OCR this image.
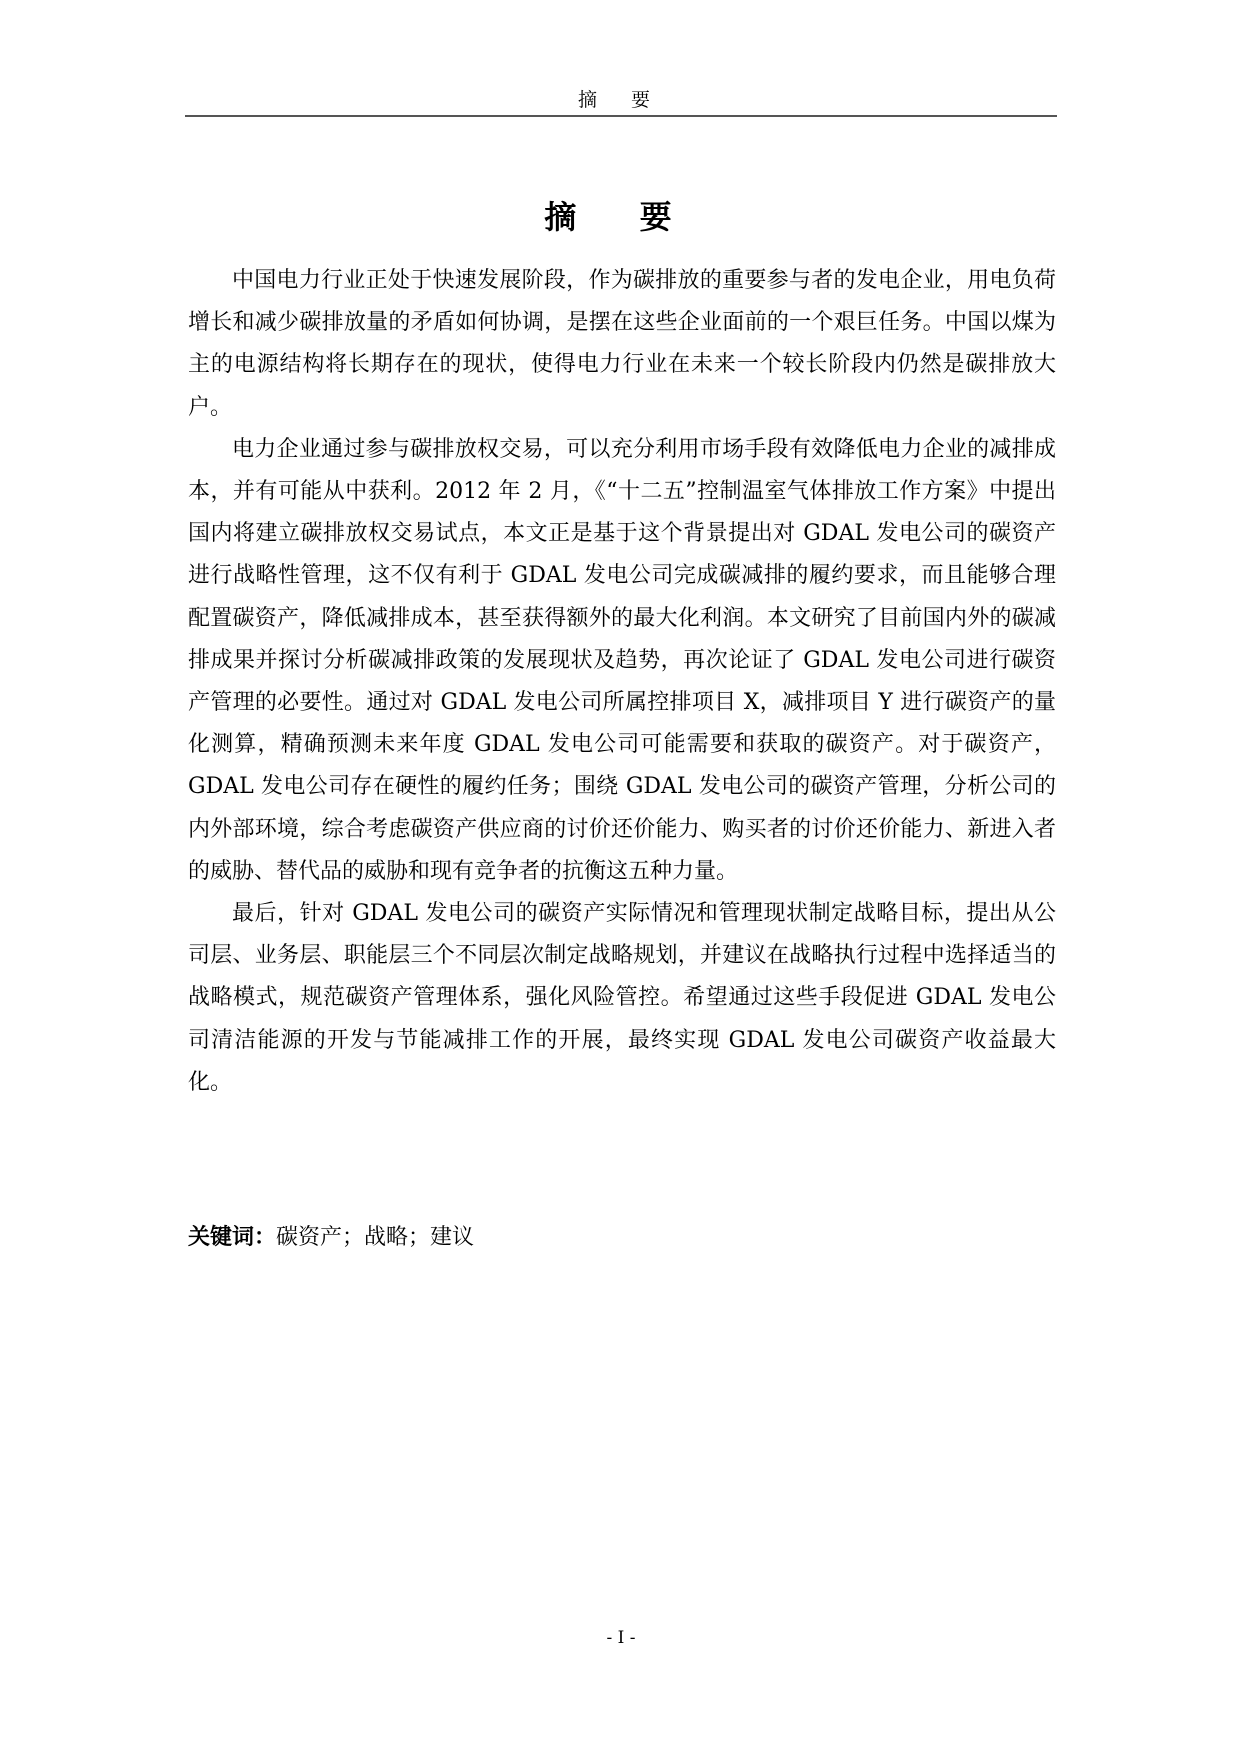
摘 要
摘 要

中国电力行业正处于快速发展阶段，作为碳排放的重要参与者的发电企业，用电负荷增长和减少碳排放量的矛盾如何协调，是摆在这些企业面前的一个艰巨任务。中国以煤为主的电源结构将长期存在的现状，使得电力行业在未来一个较长阶段内仍然是碳排放大户。

电力企业通过参与碳排放权交易，可以充分利用市场手段有效降低电力企业的减排成本，并有可能从中获利。2012 年 2 月，《“十二五”控制温室气体排放工作方案》中提出国内将建立碳排放权交易试点，本文正是基于这个背景提出对 GDAL 发电公司的碳资产进行战略性管理，这不仅有利于 GDAL 发电公司完成碳减排的履约要求，而且能够合理配置碳资产，降低减排成本，甚至获得额外的最大化利润。本文研究了目前国内外的碳减排成果并探讨分析碳减排政策的发展现状及趋势，再次论证了 GDAL 发电公司进行碳资产管理的必要性。通过对 GDAL 发电公司所属控排项目 X，减排项目 Y 进行碳资产的量化测算，精确预测未来年度 GDAL 发电公司可能需要和获取的碳资产。对于碳资产，GDAL 发电公司存在硬性的履约任务；围绕 GDAL 发电公司的碳资产管理，分析公司的内外部环境，综合考虑碳资产供应商的讨价还价能力、购买者的讨价还价能力、新进入者的威胁、替代品的威胁和现有竞争者的抗衡这五种力量。

最后，针对 GDAL 发电公司的碳资产实际情况和管理现状制定战略目标，提出从公司层、业务层、职能层三个不同层次制定战略规划，并建议在战略执行过程中选择适当的战略模式，规范碳资产管理体系，强化风险管控。希望通过这些手段促进 GDAL 发电公司清洁能源的开发与节能减排工作的开展，最终实现 GDAL 发电公司碳资产收益最大化。

关键词：碳资产；战略；建议
- I -
